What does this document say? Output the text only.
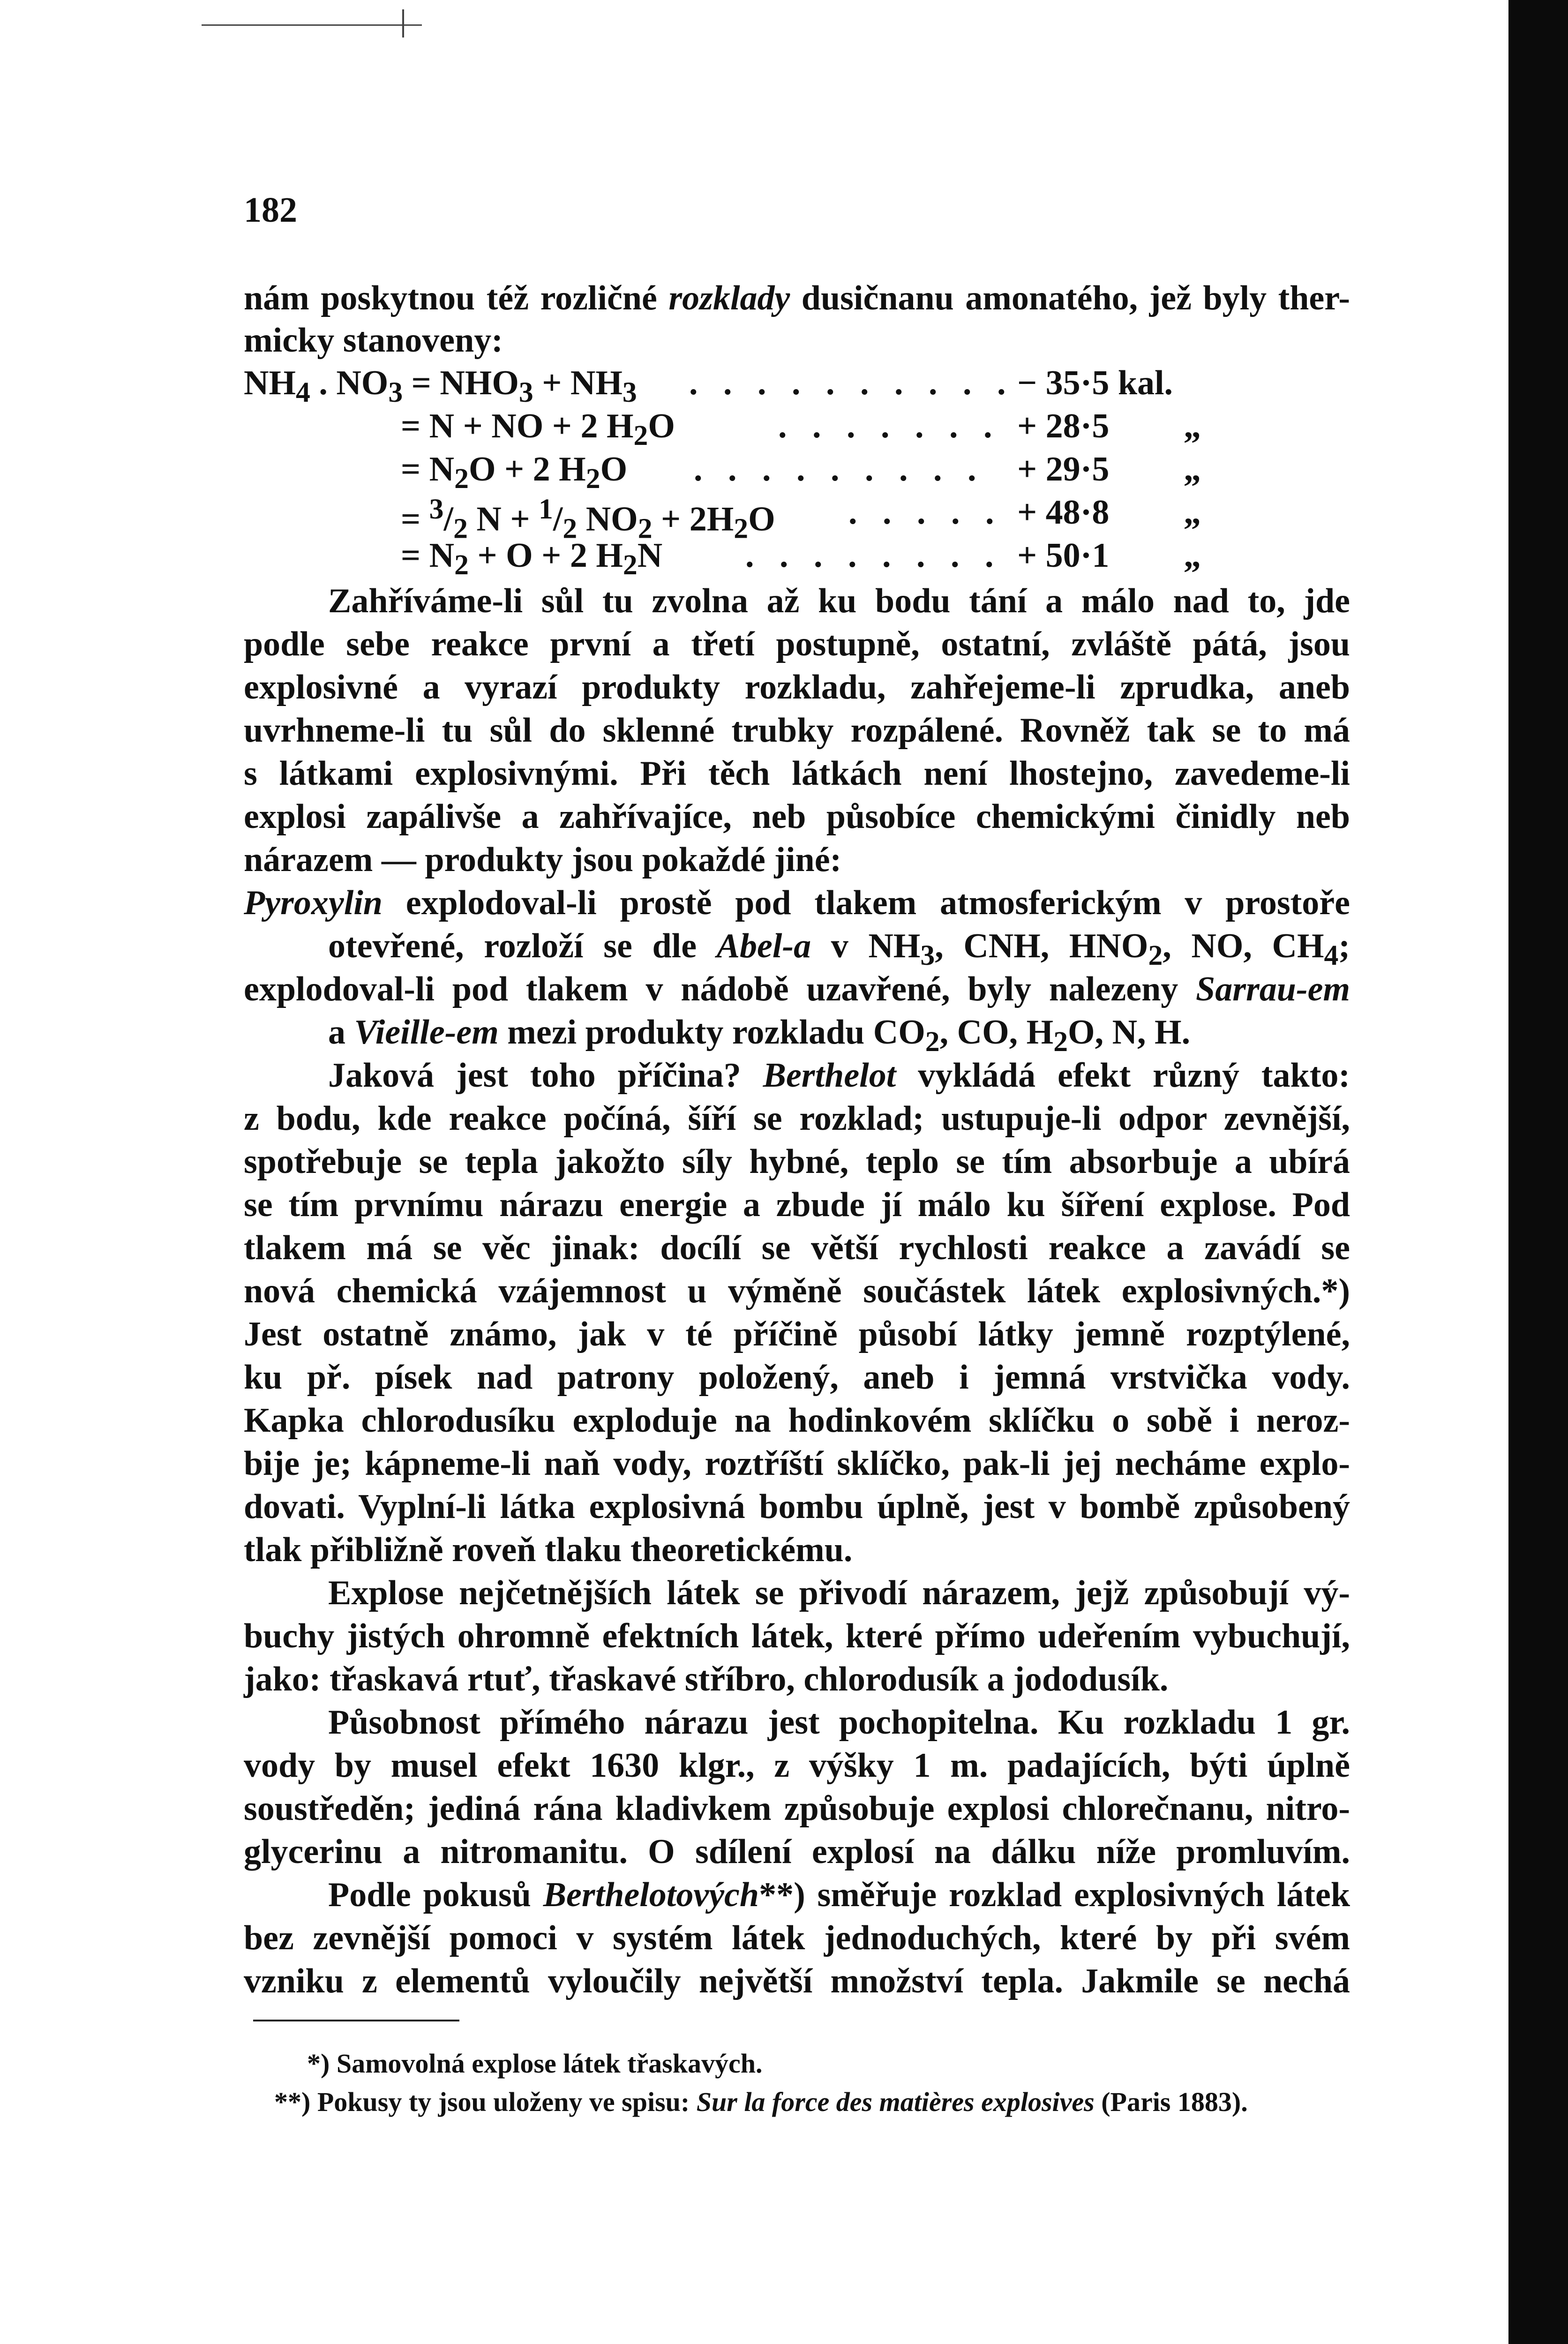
182
nám poskytnou též rozličné rozklady dusičnanu amonatého, jež byly ther-
micky stanoveny:
$NH_4$ . $NO_3 = NHO_3 + NH_3$ . . . . . . . . . . − 35·5 kal.
= N + NO + 2 $H_2O$	. . . . . . . + 28·5 „
= $N_2O + 2$ $H_2O$ . . . . . . . . . + 29·5 „
= $^3/_2$ $N + ^1/_2$ $NO_2 + 2H_2O$ . . . . . + 48·8 „
= $N_2 + O + 2$ $H_2N$ . . . . . . . . + 50·1 „
Zahříváme-li sůl tu zvolna až ku bodu tání a málo nad to, jde
podle sebe reakce první a třetí postupně, ostatní, zvláště pátá, jsou
explosivné a vyrazí produkty rozkladu, zahřejeme-li zprudka, aneb
uvrhneme-li tu sůl do sklenné trubky rozpálené. Rovněž tak se to má
s látkami explosivnými. Při těch látkách není lhostejno, zavedeme-li
explosi zapálivše a zahřívajíce, neb působíce chemickými činidly neb
nárazem — produkty jsou pokaždé jiné:
Pyroxylin explodoval-li prostě pod tlakem atmosferickým v prostoře
otevřené, rozloží se dle Abel-a v $NH_3$, CNH, $HNO_2$, NO, $CH_4$;
explodoval-li pod tlakem v nádobě uzavřené, byly nalezeny Sarrau-em
a Vieille-em mezi produkty rozkladu $CO_2$, CO, $H_2O$, N, H.
Jaková jest toho příčina? Berthelot vykládá efekt různý takto:
z bodu, kde reakce počíná, šíří se rozklad; ustupuje-li odpor zevnější,
spotřebuje se tepla jakožto síly hybné, teplo se tím absorbuje a ubírá
se tím prvnímu nárazu energie a zbude jí málo ku šíření explose. Pod
tlakem má se věc jinak: docílí se větší rychlosti reakce a zavádí se
nová chemická vzájemnost u výměně součástek látek explosivných.*)
Jest ostatně známo, jak v té příčině působí látky jemně rozptýlené,
ku př. písek nad patrony položený, aneb i jemná vrstvička vody.
Kapka chlorodusíku exploduje na hodinkovém sklíčku o sobě i neroz-
bije je; kápneme-li naň vody, roztříští sklíčko, pak-li jej necháme explo-
dovati. Vyplní-li látka explosivná bombu úplně, jest v bombě způsobený
tlak přibližně roveň tlaku theoretickému.
Explose nejčetnějších látek se přivodí nárazem, jejž způsobují vý-
buchy jistých ohromně efektních látek, které přímo udeřením vybuchují,
jako: třaskavá rtuť, třaskavé stříbro, chlorodusík a jododusík.
Působnost přímého nárazu jest pochopitelna. Ku rozkladu 1 gr.
vody by musel efekt 1630 klgr., z výšky 1 m. padajících, býti úplně
soustředěn; jediná rána kladivkem způsobuje explosi chlorečnanu, nitro-
glycerinu a nitromanitu. O sdílení explosí na dálku níže promluvím.
Podle pokusů Berthelotových**) směřuje rozklad explosivných látek
bez zevnější pomoci v systém látek jednoduchých, které by při svém
vzniku z elementů vyloučily největší množství tepla. Jakmile se nechá
*) Samovolná explose látek třaskavých.
**) Pokusy ty jsou uloženy ve spisu: Sur la force des matières explosives (Paris 1883).
